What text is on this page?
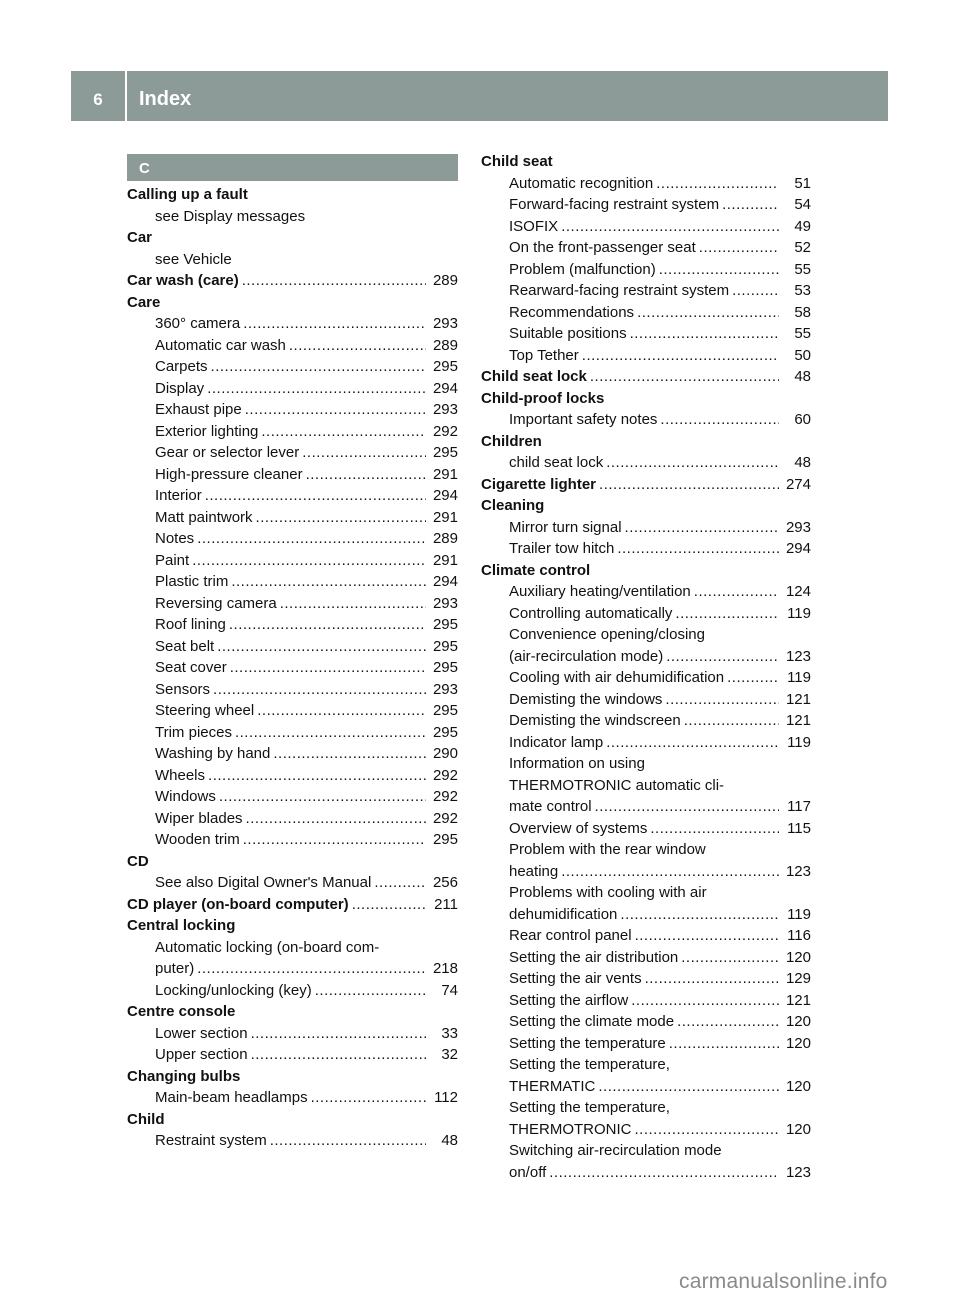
6	Index
C
Calling up a fault
see Display messages
Car
see Vehicle
Car wash (care) .....	289
Care
360° camera .....	293
Automatic car wash .....	289
Carpets .....	295
Display .....	294
Exhaust pipe .....	293
Exterior lighting .....	292
Gear or selector lever .....	295
High-pressure cleaner .....	291
Interior .....	294
Matt paintwork .....	291
Notes .....	289
Paint .....	291
Plastic trim .....	294
Reversing camera .....	293
Roof lining .....	295
Seat belt .....	295
Seat cover .....	295
Sensors .....	293
Steering wheel .....	295
Trim pieces .....	295
Washing by hand .....	290
Wheels .....	292
Windows .....	292
Wiper blades .....	292
Wooden trim .....	295
CD
See also Digital Owner's Manual .....	256
CD player (on-board computer) .....	211
Central locking
Automatic locking (on-board com-
puter) .....	218
Locking/unlocking (key) .....	74
Centre console
Lower section .....	33
Upper section .....	32
Changing bulbs
Main-beam headlamps .....	112
Child
Restraint system .....	48
Child seat
Automatic recognition .....	51
Forward-facing restraint system .....	54
ISOFIX .....	49
On the front-passenger seat .....	52
Problem (malfunction) .....	55
Rearward-facing restraint system .....	53
Recommendations .....	58
Suitable positions .....	55
Top Tether .....	50
Child seat lock .....	48
Child-proof locks
Important safety notes .....	60
Children
child seat lock .....	48
Cigarette lighter .....	274
Cleaning
Mirror turn signal .....	293
Trailer tow hitch .....	294
Climate control
Auxiliary heating/ventilation .....	124
Controlling automatically .....	119
Convenience opening/closing
(air-recirculation mode) .....	123
Cooling with air dehumidification .....	119
Demisting the windows .....	121
Demisting the windscreen .....	121
Indicator lamp .....	119
Information on using
THERMOTRONIC automatic cli-
mate control .....	117
Overview of systems .....	115
Problem with the rear window
heating .....	123
Problems with cooling with air
dehumidification .....	119
Rear control panel .....	116
Setting the air distribution .....	120
Setting the air vents .....	129
Setting the airflow .....	121
Setting the climate mode .....	120
Setting the temperature .....	120
Setting the temperature,
THERMATIC .....	120
Setting the temperature,
THERMOTRONIC .....	120
Switching air-recirculation mode
on/off .....	123
carmanualsonline.info
